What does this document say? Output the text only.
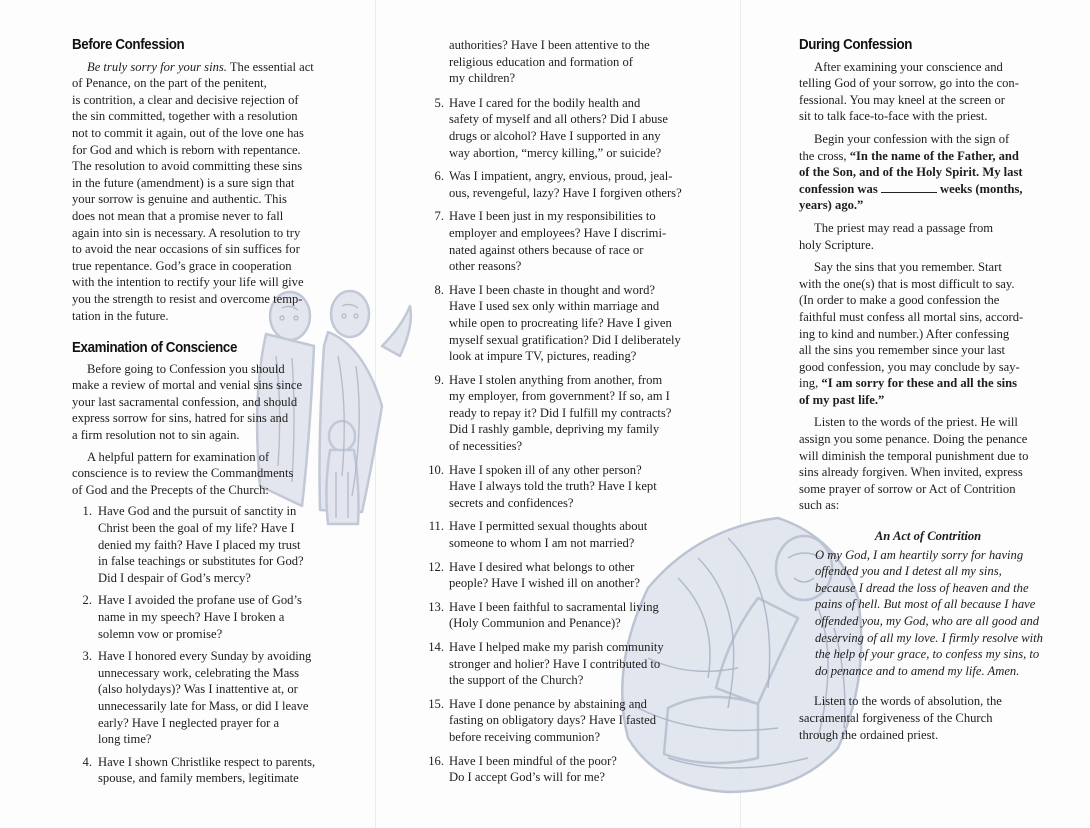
Before Confession

Be truly sorry for your sins. The essential act
of Penance, on the part of the penitent,
is contrition, a clear and decisive rejection of
the sin committed, together with a resolution
not to commit it again, out of the love one has
for God and which is reborn with repentance.
The resolution to avoid committing these sins
in the future (amendment) is a sure sign that
your sorrow is genuine and authentic. This
does not mean that a promise never to fall
again into sin is necessary. A resolution to try
to avoid the near occasions of sin suffices for
true repentance. God’s grace in cooperation
with the intention to rectify your life will give
you the strength to resist and overcome temp-
tation in the future.

Examination of Conscience

Before going to Confession you should
make a review of mortal and venial sins since
your last sacramental confession, and should
express sorrow for sins, hatred for sins and
a firm resolution not to sin again.

A helpful pattern for examination of
conscience is to review the Commandments
of God and the Precepts of the Church:

1. Have God and the pursuit of sanctity in
Christ been the goal of my life? Have I
denied my faith? Have I placed my trust
in false teachings or substitutes for God?
Did I despair of God’s mercy?
2. Have I avoided the profane use of God’s
name in my speech? Have I broken a
solemn vow or promise?
3. Have I honored every Sunday by avoiding
unnecessary work, celebrating the Mass
(also holydays)? Was I inattentive at, or
unnecessarily late for Mass, or did I leave
early? Have I neglected prayer for a
long time?
4. Have I shown Christlike respect to parents,
spouse, and family members, legitimate

authorities? Have I been attentive to the
religious education and formation of
my children?

5. Have I cared for the bodily health and
safety of myself and all others? Did I abuse
drugs or alcohol? Have I supported in any
way abortion, “mercy killing,” or suicide?
6. Was I impatient, angry, envious, proud, jeal-
ous, revengeful, lazy? Have I forgiven others?
7. Have I been just in my responsibilities to
employer and employees? Have I discrimi-
nated against others because of race or
other reasons?
8. Have I been chaste in thought and word?
Have I used sex only within marriage and
while open to procreating life? Have I given
myself sexual gratification? Did I deliberately
look at impure TV, pictures, reading?
9. Have I stolen anything from another, from
my employer, from government? If so, am I
ready to repay it? Did I fulfill my contracts?
Did I rashly gamble, depriving my family
of necessities?
10. Have I spoken ill of any other person?
Have I always told the truth? Have I kept
secrets and confidences?
11. Have I permitted sexual thoughts about
someone to whom I am not married?
12. Have I desired what belongs to other
people? Have I wished ill on another?
13. Have I been faithful to sacramental living
(Holy Communion and Penance)?
14. Have I helped make my parish community
stronger and holier? Have I contributed to
the support of the Church?
15. Have I done penance by abstaining and
fasting on obligatory days? Have I fasted
before receiving communion?
16. Have I been mindful of the poor?
Do I accept God’s will for me?
During Confession

After examining your conscience and
telling God of your sorrow, go into the con-
fessional. You may kneel at the screen or
sit to talk face-to-face with the priest.

Begin your confession with the sign of
the cross, “In the name of the Father, and
of the Son, and of the Holy Spirit. My last
confession was	weeks (months,
years) ago.”

The priest may read a passage from
holy Scripture.

Say the sins that you remember. Start
with the one(s) that is most difficult to say.
(In order to make a good confession the
faithful must confess all mortal sins, accord-
ing to kind and number.) After confessing
all the sins you remember since your last
good confession, you may conclude by say-
ing, “I am sorry for these and all the sins
of my past life.”

Listen to the words of the priest. He will
assign you some penance. Doing the penance
will diminish the temporal punishment due to
sins already forgiven. When invited, express
some prayer of sorrow or Act of Contrition
such as:

An Act of Contrition

O my God, I am heartily sorry for having
offended you and I detest all my sins,
because I dread the loss of heaven and the
pains of hell. But most of all because I have
offended you, my God, who are all good and
deserving of all my love. I firmly resolve with
the help of your grace, to confess my sins, to
do penance and to amend my life. Amen.

Listen to the words of absolution, the
sacramental forgiveness of the Church
through the ordained priest.
